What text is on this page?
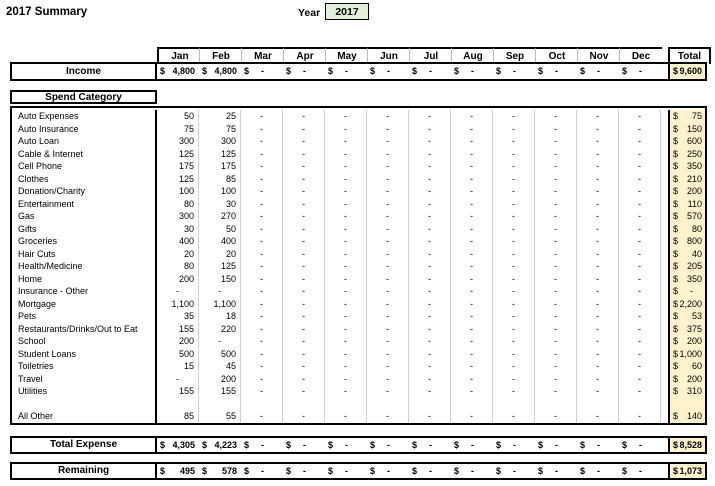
2017 Summary	Year	2017
Jan	Feb	Mar	Apr	May	Jun	Jul	Aug	Sep	Oct	Nov	Dec	Total
Income	$ 4,800 $ 4,800 $ - $ - $ - $ - $ - $ - $ - $ - $ - $ -	$ 9,600
Spend Category
Auto Expenses	50	25	-	-	-	-	-	-	-	-	-	-	$ 75
Auto Insurance	75	75	-	-	-	-	-	-	-	-	-	-	$ 150
Auto Loan	300	300	-	-	-	-	-	-	-	-	-	-	$ 600
Cable & Internet	125	125	-	-	-	-	-	-	-	-	-	-	$ 250
Cell Phone	175	175	-	-	-	-	-	-	-	-	-	-	$ 350
Clothes	125	85	-	-	-	-	-	-	-	-	-	-	$ 210
Donation/Charity	100	100	-	-	-	-	-	-	-	-	-	-	$ 200
Entertainment	80	30	-	-	-	-	-	-	-	-	-	-	$ 110
Gas	300	270	-	-	-	-	-	-	-	-	-	-	$ 570
Gifts	30	50	-	-	-	-	-	-	-	-	-	-	$ 80
Groceries	400	400	-	-	-	-	-	-	-	-	-	-	$ 800
Hair Cuts	20	20	-	-	-	-	-	-	-	-	-	-	$ 40
Health/Medicine	80	125	-	-	-	-	-	-	-	-	-	-	$ 205
Home	200	150	-	-	-	-	-	-	-	-	-	-	$ 350
Insurance - Other	-	-	-	-	-	-	-	-	-	-	-	-	$ -
Mortgage	1,100	1,100	-	-	-	-	-	-	-	-	-	-	$ 2,200
Pets	35	18	-	-	-	-	-	-	-	-	-	-	$ 53
Restaurants/Drinks/Out to Eat	155	220	-	-	-	-	-	-	-	-	-	-	$ 375
School	200	-	-	-	-	-	-	-	-	-	-	-	$ 200
Student Loans	500	500	-	-	-	-	-	-	-	-	-	-	$ 1,000
Toiletries	15	45	-	-	-	-	-	-	-	-	-	-	$ 60
Travel	-	200	-	-	-	-	-	-	-	-	-	-	$ 200
Utilities	155	155	-	-	-	-	-	-	-	-	-	-	$ 310
All Other	85	55	-	-	-	-	-	-	-	-	-	-	$ 140
Total Expense	$ 4,305 $ 4,223 $ - $ - $ - $ - $ - $ - $ - $ - $ - $ -	$ 8,528
Remaining	$ 495 $ 578 $ - $ - $ - $ - $ - $ - $ - $ - $ - $ -	$ 1,073
